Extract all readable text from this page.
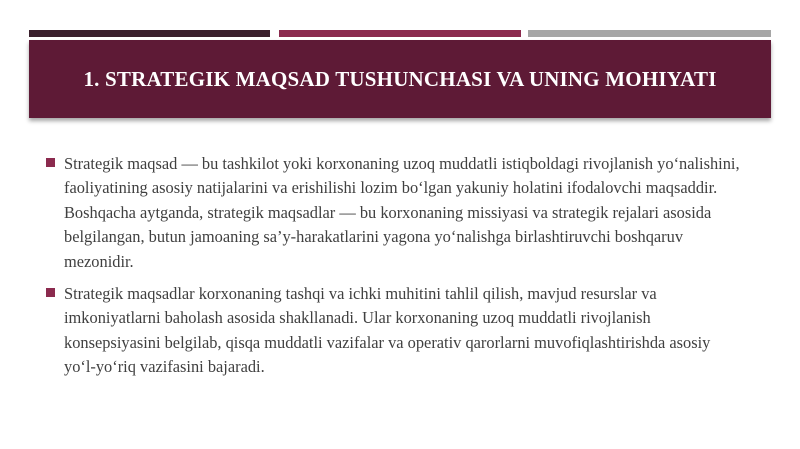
1. STRATEGIK MAQSAD TUSHUNCHASI VA UNING MOHIYATI
Strategik maqsad — bu tashkilot yoki korxonaning uzoq muddatli istiqboldagi rivojlanish yo‘nalishini, faoliyatining asosiy natijalarini va erishilishi lozim bo‘lgan yakuniy holatini ifodalovchi maqsaddir. Boshqacha aytganda, strategik maqsadlar — bu korxonaning missiyasi va strategik rejalari asosida belgilangan, butun jamoaning sa’y-harakatlarini yagona yo‘nalishga birlashtiruvchi boshqaruv mezonidir.
Strategik maqsadlar korxonaning tashqi va ichki muhitini tahlil qilish, mavjud resurslar va imkoniyatlarni baholash asosida shakllanadi. Ular korxonaning uzoq muddatli rivojlanish konsepsiyasini belgilab, qisqa muddatli vazifalar va operativ qarorlarni muvofiqlashtirishda asosiy yo‘l-yo‘riq vazifasini bajaradi.
